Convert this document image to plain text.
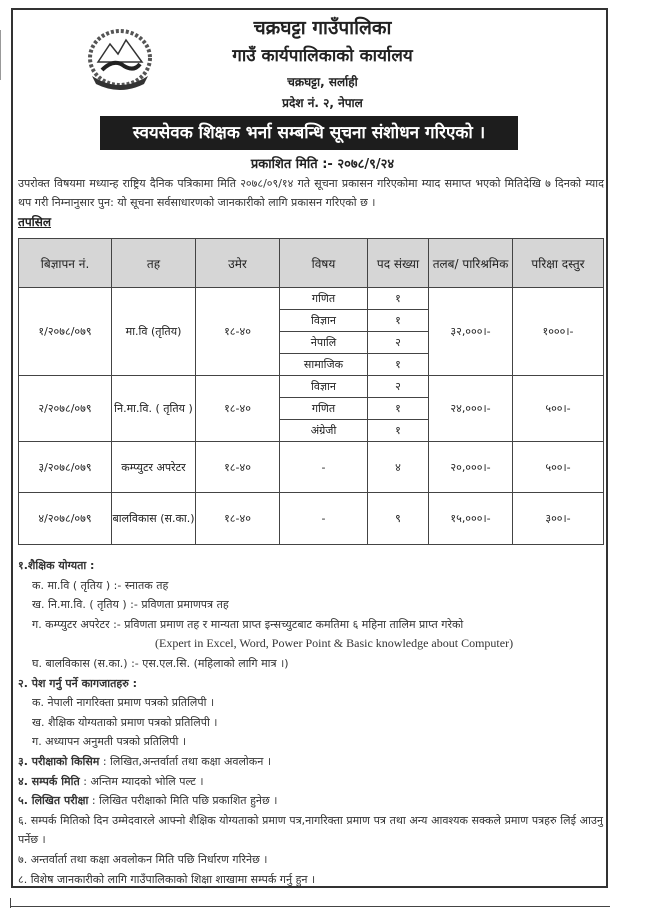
चक्रघट्टा गाउँपालिका
गाउँ कार्यपालिकाको कार्यालय
चक्रघट्टा, सर्लाही
प्रदेश नं. २, नेपाल
स्वयसेवक शिक्षक भर्ना सम्बन्धि सूचना संशोधन गरिएको ।
प्रकाशित मिति :- २०७८/९/२४
उपरोक्त विषयमा मध्यान्ह राष्ट्रिय दैनिक पत्रिकामा मिति २०७८/०९/१४ गते सूचना प्रकासन गरिएकोमा म्याद समाप्त भएको मितिदेखि ७ दिनको म्याद थप गरी निम्नानुसार पुन: यो सूचना सर्वसाधारणको जानकारीको लागि प्रकासन गरिएको छ ।
तपसिल
बिज्ञापन नं.	तह	उमेर	विषय	पद संख्या	तलब/ पारिश्रमिक	परिक्षा दस्तुर
१/२०७८/०७९	मा.वि (तृतिय)	१८-४०	गणित	१	३२,०००।-	१०००।-
			विज्ञान	१		
			नेपालि	२		
			सामाजिक	१		
२/२०७८/०७९	नि.मा.वि. ( तृतिय )	१८-४०	विज्ञान	२	२४,०००।-	५००।-
			गणित	१		
			अंग्रेजी	१		
३/२०७८/०७९	कम्प्युटर अपरेटर	१८-४०	-	४	२०,०००।-	५००।-
४/२०७८/०७९	बालविकास (स.का.)	१८-४०	-	९	१५,०००।-	३००।-
१.शैक्षिक योग्यता :
क. मा.वि ( तृतिय ) :- स्नातक तह
ख. नि.मा.वि. ( तृतिय ) :- प्रविणता प्रमाणपत्र तह
ग. कम्प्युटर अपरेटर :- प्रविणता प्रमाण तह र मान्यता प्राप्त इन्सच्युटबाट कमतिमा ६ महिना तालिम प्राप्त गरेको
(Expert in Excel, Word, Power Point & Basic knowledge about Computer)
घ. बालविकास (स.का.) :- एस.एल.सि. (महिलाको लागि मात्र ।)
२. पेश गर्नु पर्ने कागजातहरु :
क. नेपाली नागरिक्ता प्रमाण पत्रको प्रतिलिपी ।
ख. शैक्षिक योग्यताको प्रमाण पत्रको प्रतिलिपी ।
ग. अध्यापन अनुमती पत्रको प्रतिलिपी ।
३. परीक्षाको किसिम : लिखित,अन्तर्वार्ता तथा कक्षा अवलोकन ।
४. सम्पर्क मिति : अन्तिम म्यादको भोलि पल्ट ।
५. लिखित परीक्षा : लिखित परीक्षाको मिति पछि प्रकाशित हुनेछ ।
६. सम्पर्क मितिको दिन उम्मेदवारले आफ्नो शैक्षिक योग्यताको प्रमाण पत्र,नागरिक्ता प्रमाण पत्र तथा अन्य आवश्यक सक्कले प्रमाण पत्रहरु लिई आउनु पर्नेछ ।
७. अन्तर्वार्ता तथा कक्षा अवलोकन मिति पछि निर्धारण गरिनेछ ।
८. विशेष जानकारीको लागि गाउँपालिकाको शिक्षा शाखामा सम्पर्क गर्नु हुन ।
